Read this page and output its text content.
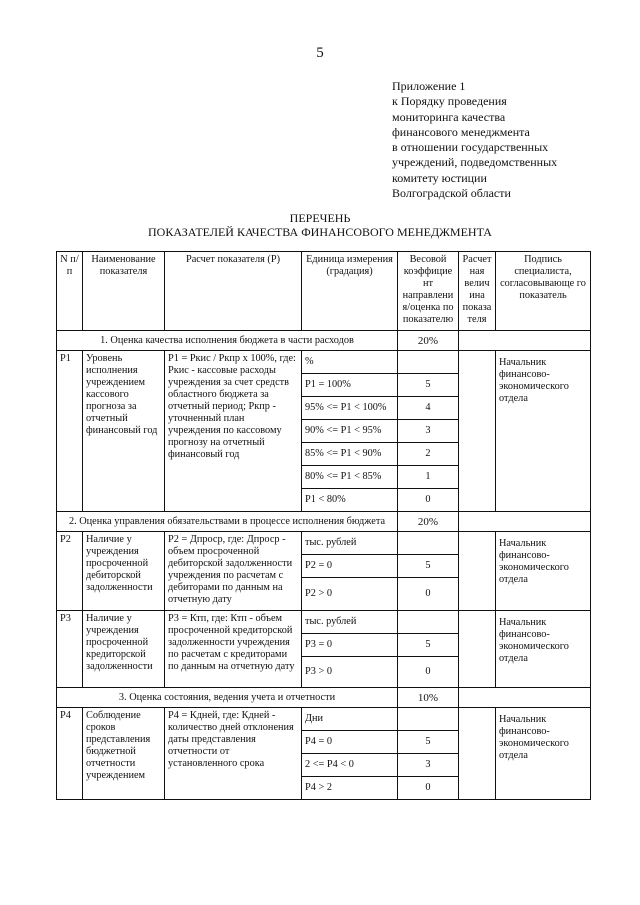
5
Приложение 1
к Порядку проведения
мониторинга качества
финансового менеджмента
в отношении государственных
учреждений, подведомственных
комитету юстиции
Волгоградской области
ПЕРЕЧЕНЬ
ПОКАЗАТЕЛЕЙ КАЧЕСТВА ФИНАНСОВОГО МЕНЕДЖМЕНТА
N п/п	Наименование показателя	Расчет показателя (Р)	Единица измерения (градация)	Весовой коэффицие нт направлени я/оценка по показателю	Расчет ная велич ина показа теля	Подпись специалиста, согласовывающе го показатель
1. Оценка качества исполнения бюджета в части расходов				20%		
Р1	Уровень исполнения учреждением кассового прогноза за отчетный финансовый год	Р1 = Ркис / Ркпр х 100%, где: Ркис - кассовые расходы учреждения за счет средств областного бюджета за отчетный период; Ркпр - уточненный план учреждения по кассовому прогнозу на отчетный финансовый год	%			Начальник финансово-экономического отдела
			Р1 = 100%	5		
			95% <= Р1 < 100%	4		
			90% <= Р1 < 95%	3		
			85% <= Р1 < 90%	2		
			80% <= Р1 < 85%	1		
			Р1 < 80%	0		
2. Оценка управления обязательствами в процессе исполнения бюджета				20%		
Р2	Наличие у учреждения просроченной дебиторской задолженности	Р2 = Дпроср, где: Дпроср - объем просроченной дебиторской задолженности учреждения по расчетам с дебиторами по данным на отчетную дату	тыс. рублей			Начальник финансово-экономического отдела
			Р2 = 0	5		
			Р2 > 0	0		
Р3	Наличие у учреждения просроченной кредиторской задолженности	Р3 = Ктп, где: Ктп - объем просроченной кредиторской задолженности учреждения по расчетам с кредиторами по данным на отчетную дату	тыс. рублей			Начальник финансово-экономического отдела
			Р3 = 0	5		
			Р3 > 0	0		
3. Оценка состояния, ведения учета и отчетности				10%		
Р4	Соблюдение сроков представления бюджетной отчетности учреждением	Р4 = Кдней, где: Кдней - количество дней отклонения даты представления отчетности от установленного срока	Дни			Начальник финансово-экономического отдела
			Р4 = 0	5		
			2 <= Р4 < 0	3		
			Р4 > 2	0		
